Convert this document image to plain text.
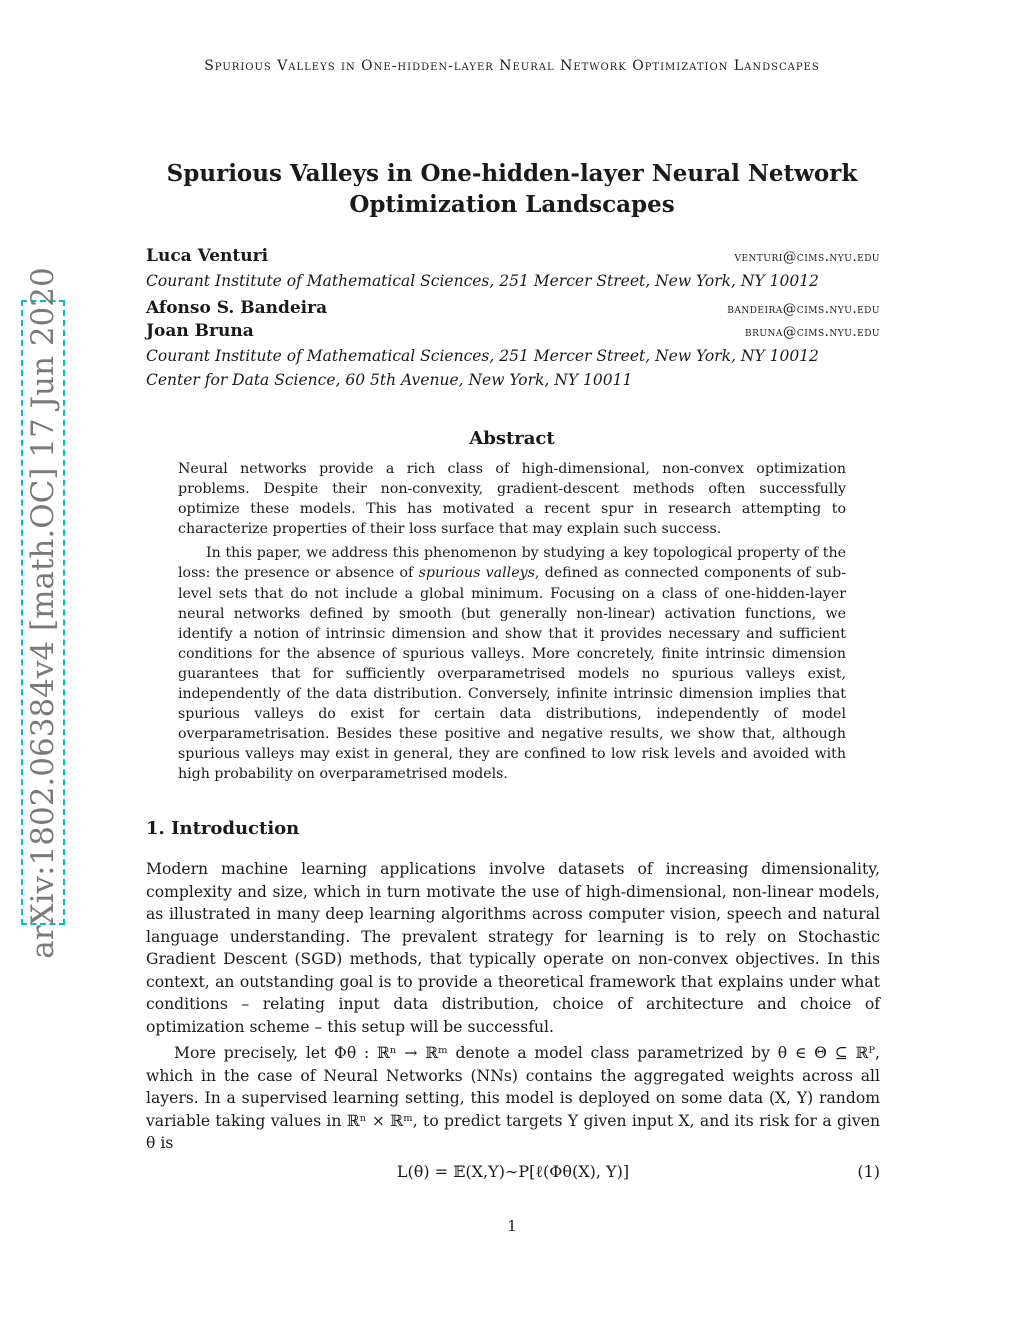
Spurious Valleys in One-hidden-layer Neural Network Optimization Landscapes
arXiv:1802.06384v4 [math.OC] 17 Jun 2020
Spurious Valleys in One-hidden-layer Neural Network
Optimization Landscapes
Luca Venturi	venturi@cims.nyu.edu
Courant Institute of Mathematical Sciences, 251 Mercer Street, New York, NY 10012
Afonso S. Bandeira	bandeira@cims.nyu.edu
Joan Bruna	bruna@cims.nyu.edu
Courant Institute of Mathematical Sciences, 251 Mercer Street, New York, NY 10012
Center for Data Science, 60 5th Avenue, New York, NY 10011
Abstract

Neural networks provide a rich class of high-dimensional, non-convex optimization problems. Despite their non-convexity, gradient-descent methods often successfully optimize these models. This has motivated a recent spur in research attempting to characterize properties of their loss surface that may explain such success.

In this paper, we address this phenomenon by studying a key topological property of the loss: the presence or absence of spurious valleys, defined as connected components of sub-level sets that do not include a global minimum. Focusing on a class of one-hidden-layer neural networks defined by smooth (but generally non-linear) activation functions, we identify a notion of intrinsic dimension and show that it provides necessary and sufficient conditions for the absence of spurious valleys. More concretely, finite intrinsic dimension guarantees that for sufficiently overparametrised models no spurious valleys exist, independently of the data distribution. Conversely, infinite intrinsic dimension implies that spurious valleys do exist for certain data distributions, independently of model overparametrisation. Besides these positive and negative results, we show that, although spurious valleys may exist in general, they are confined to low risk levels and avoided with high probability on overparametrised models.

1. Introduction

Modern machine learning applications involve datasets of increasing dimensionality, complexity and size, which in turn motivate the use of high-dimensional, non-linear models, as illustrated in many deep learning algorithms across computer vision, speech and natural language understanding. The prevalent strategy for learning is to rely on Stochastic Gradient Descent (SGD) methods, that typically operate on non-convex objectives. In this context, an outstanding goal is to provide a theoretical framework that explains under what conditions – relating input data distribution, choice of architecture and choice of optimization scheme – this setup will be successful.

More precisely, let Φθ : ℝⁿ → ℝᵐ denote a model class parametrized by θ ∈ Θ ⊆ ℝᴾ, which in the case of Neural Networks (NNs) contains the aggregated weights across all layers. In a supervised learning setting, this model is deployed on some data (X, Y) random variable taking values in ℝⁿ × ℝᵐ, to predict targets Y given input X, and its risk for a given θ is

L(θ) = 𝔼(X,Y)∼P[ℓ(Φθ(X), Y)]	(1)
1
